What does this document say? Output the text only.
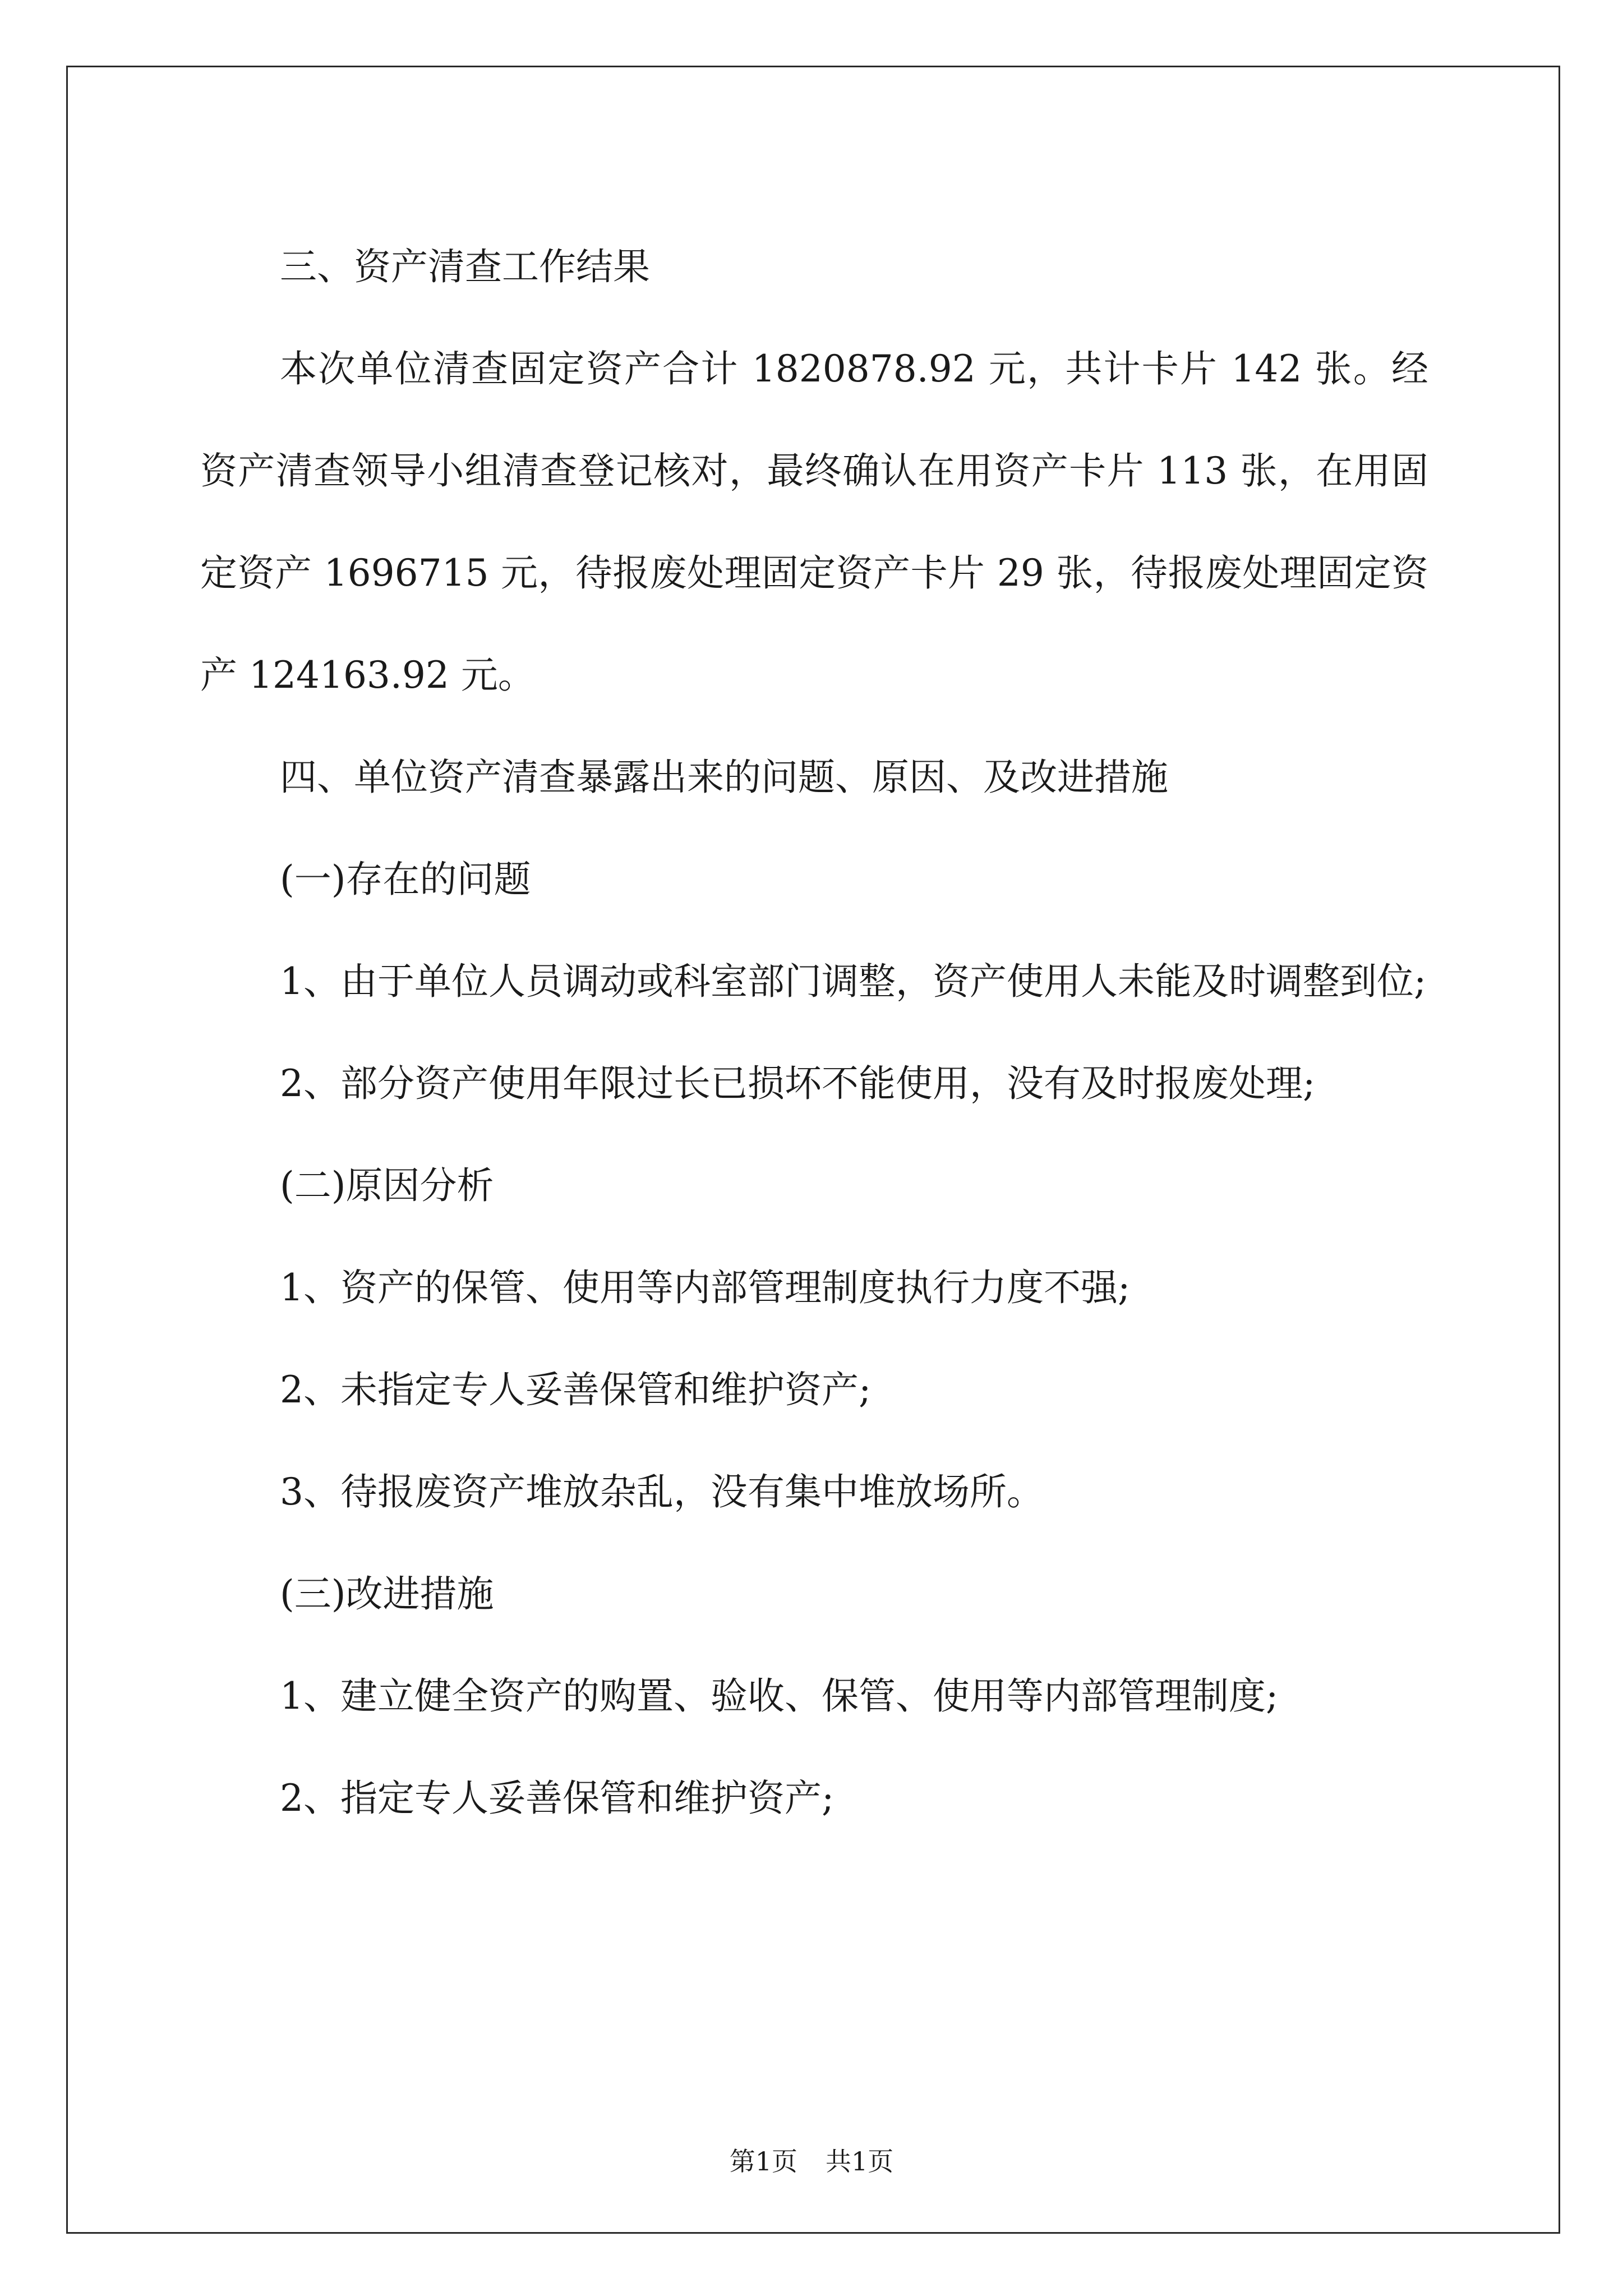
三、资产清查工作结果

本次单位清查固定资产合计 1820878.92 元，共计卡片 142 张。经资产清查领导小组清查登记核对，最终确认在用资产卡片 113 张，在用固定资产 1696715 元，待报废处理固定资产卡片 29 张，待报废处理固定资产 124163.92 元。

四、单位资产清查暴露出来的问题、原因、及改进措施

(一)存在的问题

1、由于单位人员调动或科室部门调整，资产使用人未能及时调整到位;

2、部分资产使用年限过长已损坏不能使用，没有及时报废处理;

(二)原因分析

1、资产的保管、使用等内部管理制度执行力度不强;

2、未指定专人妥善保管和维护资产;

3、待报废资产堆放杂乱，没有集中堆放场所。

(三)改进措施

1、建立健全资产的购置、验收、保管、使用等内部管理制度;

2、指定专人妥善保管和维护资产;

第1页 共1页
